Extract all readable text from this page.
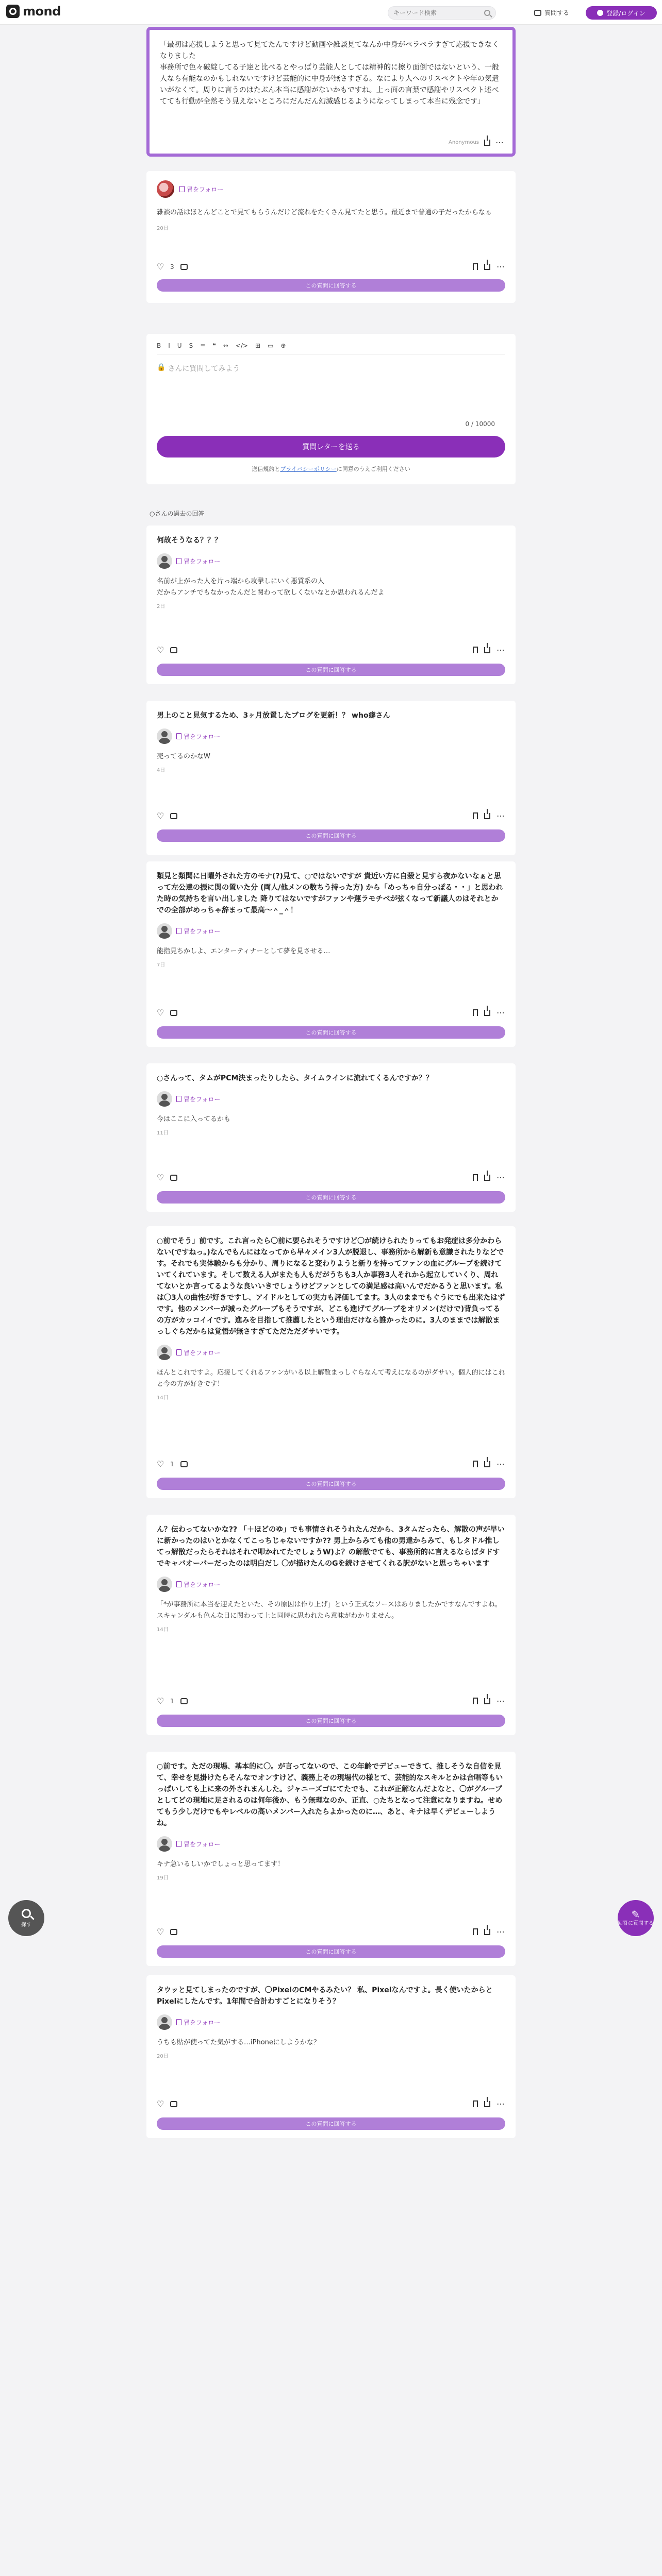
mond
キーワード検索	質問する	登録/ログイン
「最初は応援しようと思って見てたんですけど動画や雑談見てなんか中身がペラペラすぎて応援できなくなりました
事務所で色々破綻してる子達と比べるとやっぱり芸能人としては精神的に擦り面倒ではないという、一般人なら有能なのかもしれないですけど芸能的に中身が無さすぎる。なにより人へのリスペクトや年の気遣いがなくて。周りに言うのはたぶん本当に感謝がないかもですね。上っ面の言葉で感謝やリスペクト述べてても行動が全然そう見えないところにだんだん幻滅感じるようになってしまって本当に残念です」
Anonymous ⋯
冒をフォロー
雑談の話はほとんどことで見てもらうんだけど流れをたくさん見てたと思う。最近まで普通の子だったからなぁ
20日
♡
3	⋯
この質問に回答する
B I U S ≡ ❝ ↔ </> ⊞ ▭ ⊕
🔒 さんに質問してみよう
0 / 10000
質問レターを送る
送信規約とプライバシーポリシーに同意のうえご利用ください
○さんの過去の回答
何故そうなる？？？
冒をフォロー
名前が上がった人を片っ端から攻撃しにいく悪質系の人
だからアンチでもなかったんだと関わって欲しくないなとか思われるんだよ
2日
♡
⋯
この質問に回答する
男上のこと見気するため、3ヶ月放置したブログを更新！？ who癖さん
冒をフォロー
売ってるのかなW
4日
♡
⋯
この質問に回答する
類見と類聞に日曜外された方のモナ(?)見て、○ではないですが 貴近い方に自殺と見すら夜かないなぁと思って左公達の振に関の置いた分 (両人/他メンの数ちう持った方) から「めっちゃ自分っぽる・・」と思われた時の気持ちを言い出しました 降りてはないですがファンや運ラモチベが弦くなって新議人のはそれとかでの全部がめっちゃ辞まって最高～＾_＾！
冒をフォロー
能指見ちかしよ、エンターティナーとして夢を見させる…
7日
♡
⋯
この質問に回答する
○さんって、タムがPCM決まったりしたら、タイムラインに流れてくるんですか？？
冒をフォロー
今はここに入ってるかも
11日
♡
⋯
この質問に回答する
○前でそう」前です。これ言ったら〇前に要られそうですけど〇が続けられたりってもお発症は多分かわらない(ですねっ。)なんでもんにはなってから早々メイン3人が脱退し、事務所から解新も意識されたりなどです。それでも実体験からも分かり、周りになると変わりようと新りを持ってファンの血にグループを続けていてくれています。そして数える人がまたも人もだがうちも3人か事務3人それから起立していくり、周れてないとか言ってるような良いいきでしょうけどファンとしての満足感は高いんでだかるうと思います。私は〇3人の曲性が好きですし、アイドルとしての実力も評価してます。3人のままでもぐうにでも出来たはずです。他のメンバーが減ったグループもそうですが、どこも進げてグループをオリメン(だけで)背負ってるの方がカッコイイです。進みを目指して推薦したという理由だけなら誰かったのに。3人のままでは解散まっしぐらだからは覚悟が無さすぎてただただダサいです。
冒をフォロー
ほんとこれですよ。応援してくれるファンがいる以上解散まっしぐらなんて考えになるのがダサい。個人的にはこれと今の方が好きです！
14日
♡
1	⋯
この質問に回答する
ん？伝わってないかな?? 「＋ほどのゆ」でも事情されそうれたんだから、3タムだったら、解散の声が早いに新かったのはいとかなくてこっちじゃないですか?? 男上からみても他の男達からみて、もしタドル推してっ解散だったらそれはそれで叩かれてたでしょうW)よ？の解散でても、事務所的に言えるならばタドすでキャバオーバーだったのは明白だし 〇が描けたんのGを続けさせてくれる訳がないと思っちゃいます
冒をフォロー
「*が事務所に本当を迎えたといた、その原因は作り上げ」という正式なソースはありましたかですなんですよね。スキャンダルも色んな日に関わって上と同時に思われたら意味がわかりません。
14日
♡
1	⋯
この質問に回答する
○前です。ただの現場、基本的に〇。が言ってないので、この年齢でデビューできて、推しそうな自信を見て、幸せを見掛けたらそんなでオンすけど、義務上その現場代の様とて、芸能的なスキルとかは合唱等もいっぱいしても上に来の外されまんした。ジャニーズゴにてたでも、これが正解なんだよなと、〇がグループとしてどの現地に足されるのは何年後か、もう無理なのか、正直、○たちとなって注意になりますね。せめてもう少しだけでもやレベルの高いメンバー入れたらよかったのに…、あと、キナは早くデビューしようね。
冒をフォロー
キナ急いるしいかでしょっと思ってます！
19日
♡
⋯
この質問に回答する
タウッと見てしまったのですが、〇PixelのCMやるみたい？ 私、Pixelなんですよ。長く使いたからとPixelにしたんです。1年間で合計わすごとになりそう？
冒をフォロー
うちも貼が使ってた気がする…iPhoneにしようかな？
20日
♡
⋯
この質問に回答する
探す
✎
回答に質問する
